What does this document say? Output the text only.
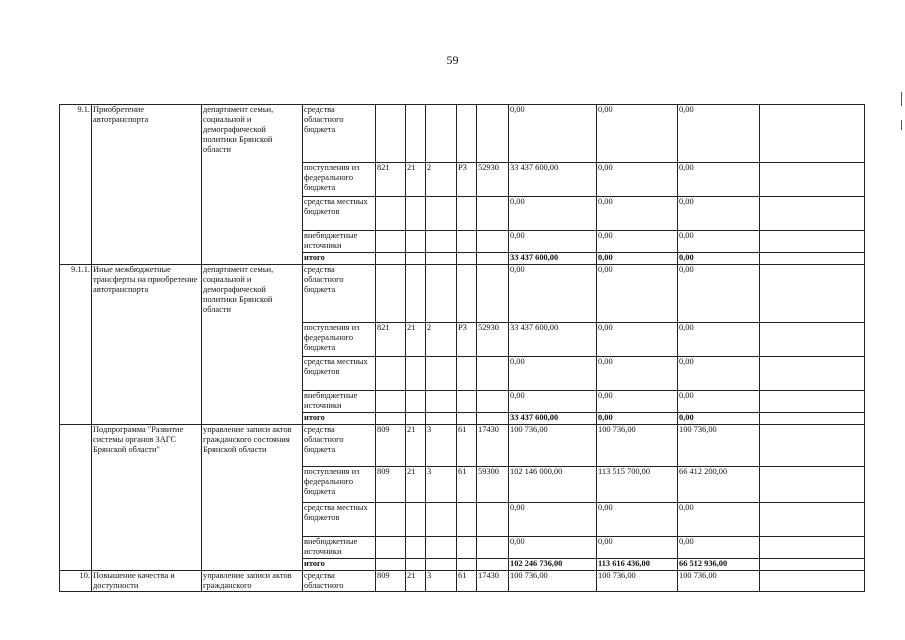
59
9.1.	Приобретение автотранспорта	департамент семьи, социальной и демографической политики Брянской области	средства областного бюджета						0,00	0,00	0,00	
			поступления из федерального бюджета	821	21	2	P3	52930	33 437 600,00	0,00	0,00	
			средства местных бюджетов						0,00	0,00	0,00	
			внебюджетные источники						0,00	0,00	0,00	
			итого						33 437 600,00	0,00	0,00	
9.1.1.	Иные межбюджетные трансферты на приобретение автотранспорта	департамент семьи, социальной и демографической политики Брянской области	средства областного бюджета						0,00	0,00	0,00	
			поступления из федерального бюджета	821	21	2	P3	52930	33 437 600,00	0,00	0,00	
			средства местных бюджетов						0,00	0,00	0,00	
			внебюджетные источники						0,00	0,00	0,00	
			итого						33 437 600,00	0,00	0,00	
	Подпрограмма "Развитие системы органов ЗАГС Брянской области"	управление записи актов гражданского состояния Брянской области	средства областного бюджета	809	21	3	61	17430	100 736,00	100 736,00	100 736,00	
			поступления из федерального бюджета	809	21	3	61	59300	102 146 000,00	113 515 700,00	66 412 200,00	
			средства местных бюджетов						0,00	0,00	0,00	
			внебюджетные источники						0,00	0,00	0,00	
			итого						102 246 736,00	113 616 436,00	66 512 936,00	
10.	Повышение качества и доступности	управление записи актов гражданского	средства областного	809	21	3	61	17430	100 736,00	100 736,00	100 736,00	
